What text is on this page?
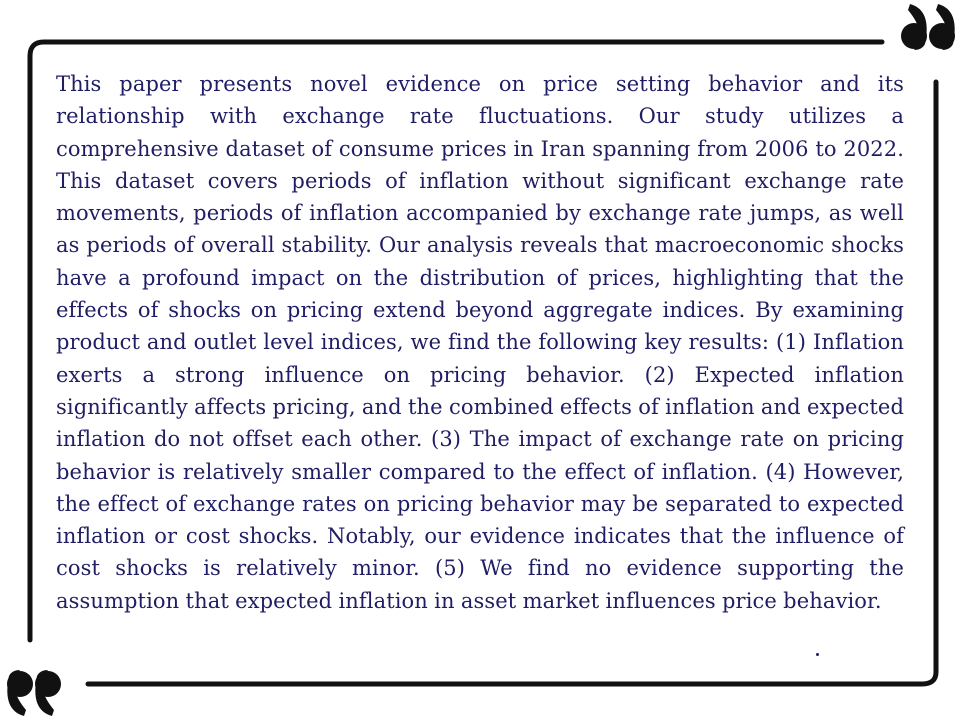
This paper presents novel evidence on price setting behavior and its relationship with exchange rate fluctuations. Our study utilizes a comprehensive dataset of consume prices in Iran spanning from 2006 to 2022. This dataset covers periods of inflation without significant exchange rate movements, periods of inflation accompanied by exchange rate jumps, as well as periods of overall stability. Our analysis reveals that macroeconomic shocks have a profound impact on the distribution of prices, highlighting that the effects of shocks on pricing extend beyond aggregate indices. By examining product and outlet level indices, we find the following key results: (1) Inflation exerts a strong influence on pricing behavior. (2) Expected inflation significantly affects pricing, and the combined effects of inflation and expected inflation do not offset each other. (3) The impact of exchange rate on pricing behavior is relatively smaller compared to the effect of inflation. (4) However, the effect of exchange rates on pricing behavior may be separated to expected inflation or cost shocks. Notably, our evidence indicates that the influence of cost shocks is relatively minor. (5) We find no evidence supporting the assumption that expected inflation in asset market influences price behavior.
